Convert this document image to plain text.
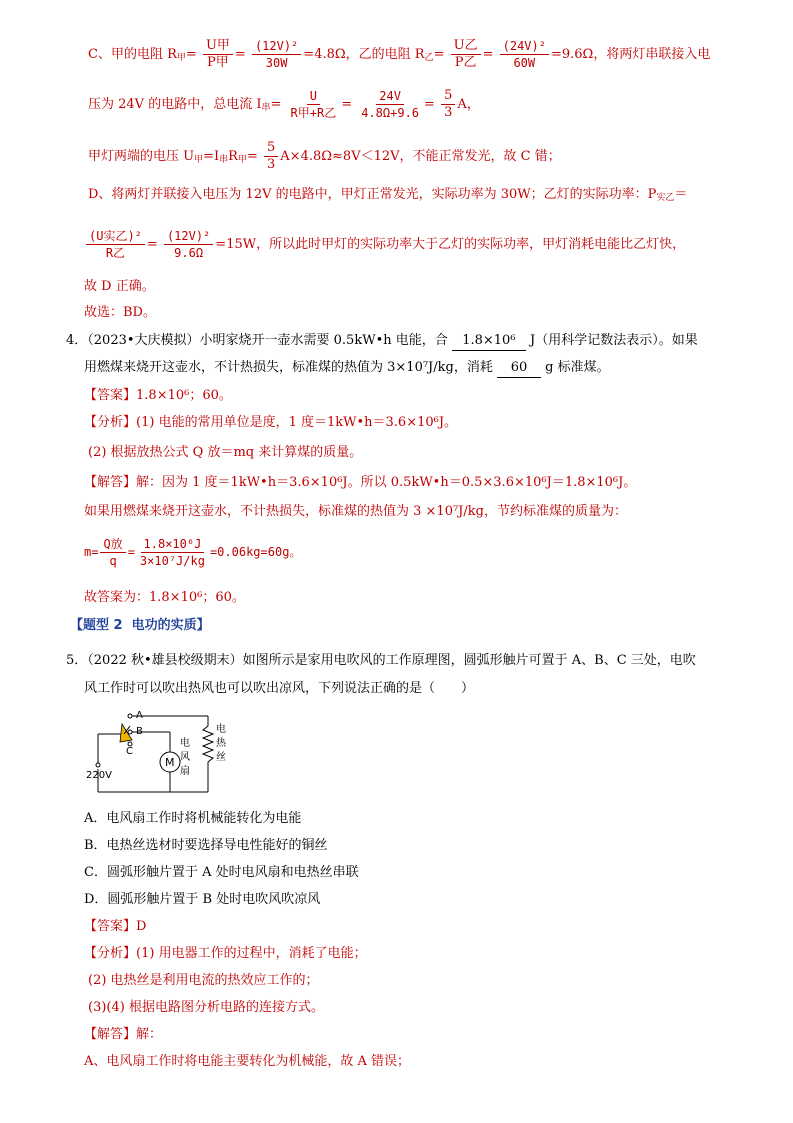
C、甲的电阻 $R_甲= \frac{\text{U甲}}{\text{P甲}} = \frac{\text{(12V)²}}{30W} =4.8\Omega$，乙的电阻 $R_乙= \frac{\text{U乙}}{\text{P乙}} = \frac{\text{(24V)²}}{60W} =9.6\Omega$，将两灯串联接入电
压为 24V 的电路中，总电流 $I_串= \frac{U}{\text{R甲+R乙}} = \frac{24V}{4.8\Omega+9.6} = \frac{5}{3}$ A，
甲灯两端的电压 $U_甲=I_串R_甲= \frac{5}{3} A\times 4.8\Omega\approx 8V<12V$，不能正常发光，故 C 错；
D、将两灯并联接入电压为 12V 的电路中，甲灯正常发光，实际功率为 30W；乙灯的实际功率：$P_{实乙}=$
$\frac{\text{(U实乙)²}}{\text{R乙}} = \frac{\text{(12V)²}}{9.6\Omega} =15W$，所以此时甲灯的实际功率大于乙灯的实际功率，甲灯消耗电能比乙灯快，
故 D 正确。
故选：BD。
4．（2023•大庆模拟）小明家烧开一壶水需要 0.5kW•h 电能，合 1.8×10⁶ J（用科学记数法表示）。如果
用燃煤来烧开这壶水，不计热损失，标准煤的热值为 3×10⁷J/kg，消耗 60 g 标准煤。
【答案】1.8×10⁶；60。
【分析】(1) 电能的常用单位是度，1 度＝1kW•h＝3.6×10⁶J。
(2) 根据放热公式 Q 放＝mq 来计算煤的质量。
【解答】解：因为 1 度＝1kW•h＝3.6×10⁶J。所以 0.5kW•h＝0.5×3.6×10⁶J＝1.8×10⁶J。
如果用燃煤来烧开这壶水，不计热损失，标准煤的热值为 3 ×10⁷J/kg，节约标准煤的质量为：
$m= \frac{\text{Q放}}{q} = \frac{\text{1.8×10⁶J}}{\text{3×10⁷J/kg}} =0.06kg=60g$。
故答案为：1.8×10⁶；60。
【题型 2 电功的实质】
5．（2022 秋•雄县校级期末）如图所示是家用电吹风的工作原理图，圆弧形触片可置于 A、B、C 三处，电吹
风工作时可以吹出热风也可以吹出凉风，下列说法正确的是（　　）
A
B
C
220V
M
电
风
扇
电
热
丝
A．电风扇工作时将机械能转化为电能
B．电热丝选材时要选择导电性能好的铜丝
C．圆弧形触片置于 A 处时电风扇和电热丝串联
D．圆弧形触片置于 B 处时电吹风吹凉风
【答案】D
【分析】(1) 用电器工作的过程中，消耗了电能；
(2) 电热丝是利用电流的热效应工作的；
(3)(4) 根据电路图分析电路的连接方式。
【解答】解：
A、电风扇工作时将电能主要转化为机械能，故 A 错误；
